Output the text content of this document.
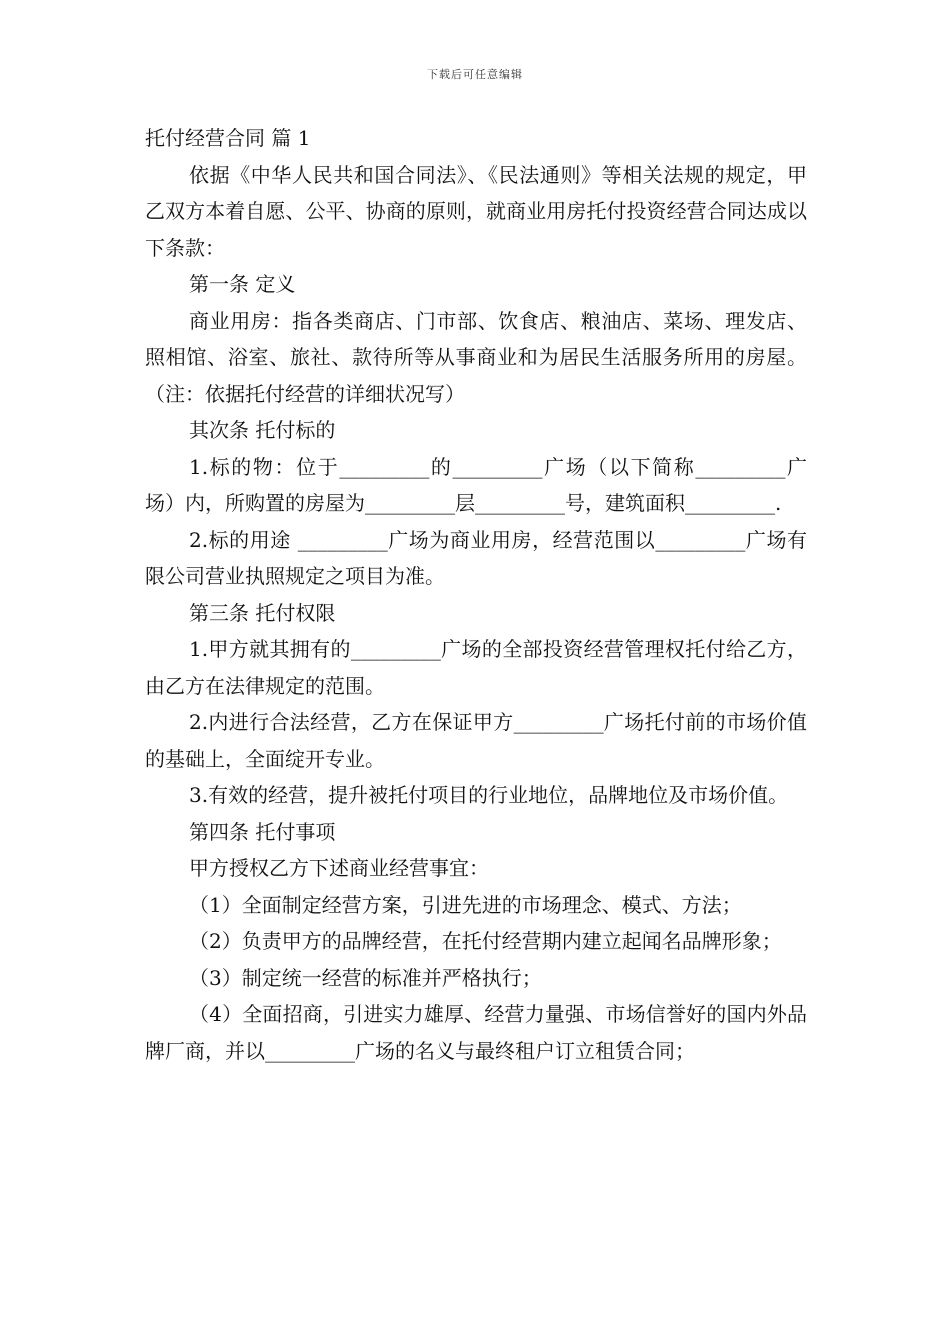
下载后可任意编辑

托付经营合同 篇 1

依据《中华人民共和国合同法》、《民法通则》等相关法规的规定，甲乙双方本着自愿、公平、协商的原则，就商业用房托付投资经营合同达成以下条款：

第一条 定义

商业用房：指各类商店、门市部、饮食店、粮油店、菜场、理发店、照相馆、浴室、旅社、款待所等从事商业和为居民生活服务所用的房屋。（注：依据托付经营的详细状况写）

其次条 托付标的

1.标的物：位于_________的_________广场（以下简称_________广场）内，所购置的房屋为_________层_________号，建筑面积_________.

2.标的用途 _________广场为商业用房，经营范围以_________广场有限公司营业执照规定之项目为准。

第三条 托付权限

1.甲方就其拥有的_________广场的全部投资经营管理权托付给乙方，由乙方在法律规定的范围。

2.内进行合法经营，乙方在保证甲方_________广场托付前的市场价值的基础上，全面绽开专业。

3.有效的经营，提升被托付项目的行业地位，品牌地位及市场价值。

第四条 托付事项

甲方授权乙方下述商业经营事宜：

（1）全面制定经营方案，引进先进的市场理念、模式、方法；

（2）负责甲方的品牌经营，在托付经营期内建立起闻名品牌形象；

（3）制定统一经营的标准并严格执行；

（4）全面招商，引进实力雄厚、经营力量强、市场信誉好的国内外品牌厂商，并以_________广场的名义与最终租户订立租赁合同；
